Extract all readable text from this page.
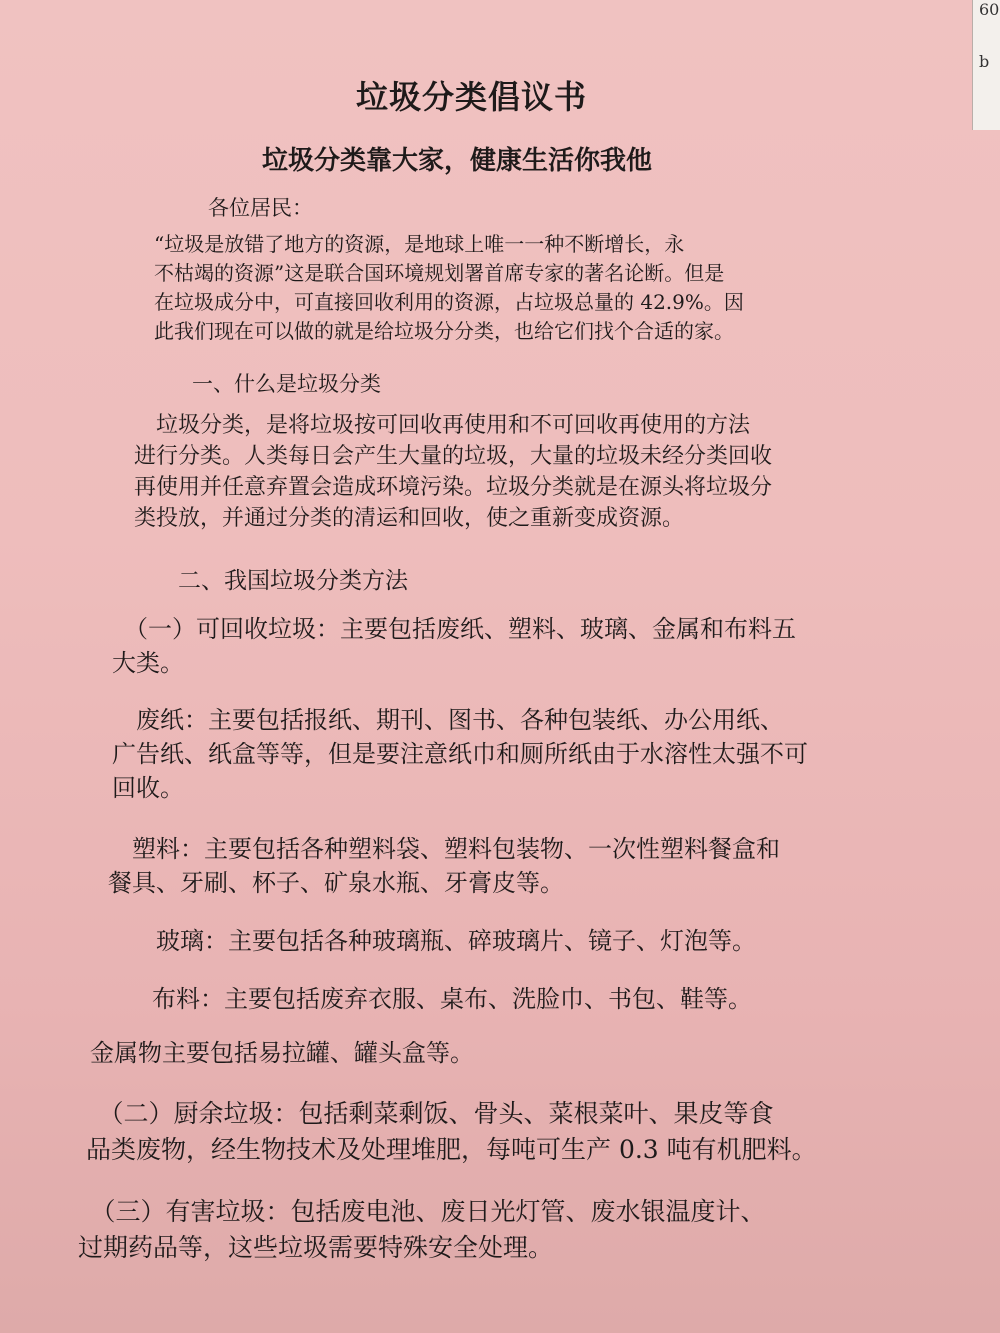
60
b
垃圾分类倡议书
垃圾分类靠大家，健康生活你我他
各位居民：
“垃圾是放错了地方的资源，是地球上唯一一种不断增长，永
不枯竭的资源”这是联合国环境规划署首席专家的著名论断。但是
在垃圾成分中，可直接回收利用的资源，占垃圾总量的 42.9%。因
此我们现在可以做的就是给垃圾分分类，也给它们找个合适的家。
一、什么是垃圾分类
　垃圾分类，是将垃圾按可回收再使用和不可回收再使用的方法
进行分类。人类每日会产生大量的垃圾，大量的垃圾未经分类回收
再使用并任意弃置会造成环境污染。垃圾分类就是在源头将垃圾分
类投放，并通过分类的清运和回收，使之重新变成资源。
二、我国垃圾分类方法
　（一）可回收垃圾：主要包括废纸、塑料、玻璃、金属和布料五
大类。
　废纸：主要包括报纸、期刊、图书、各种包装纸、办公用纸、
广告纸、纸盒等等，但是要注意纸巾和厕所纸由于水溶性太强不可
回收。
　塑料：主要包括各种塑料袋、塑料包装物、一次性塑料餐盒和
餐具、牙刷、杯子、矿泉水瓶、牙膏皮等。
玻璃：主要包括各种玻璃瓶、碎玻璃片、镜子、灯泡等。
布料：主要包括废弃衣服、桌布、洗脸巾、书包、鞋等。
金属物主要包括易拉罐、罐头盒等。
　（二）厨余垃圾：包括剩菜剩饭、骨头、菜根菜叶、果皮等食
品类废物，经生物技术及处理堆肥，每吨可生产 0.3 吨有机肥料。
　（三）有害垃圾：包括废电池、废日光灯管、废水银温度计、
过期药品等，这些垃圾需要特殊安全处理。
